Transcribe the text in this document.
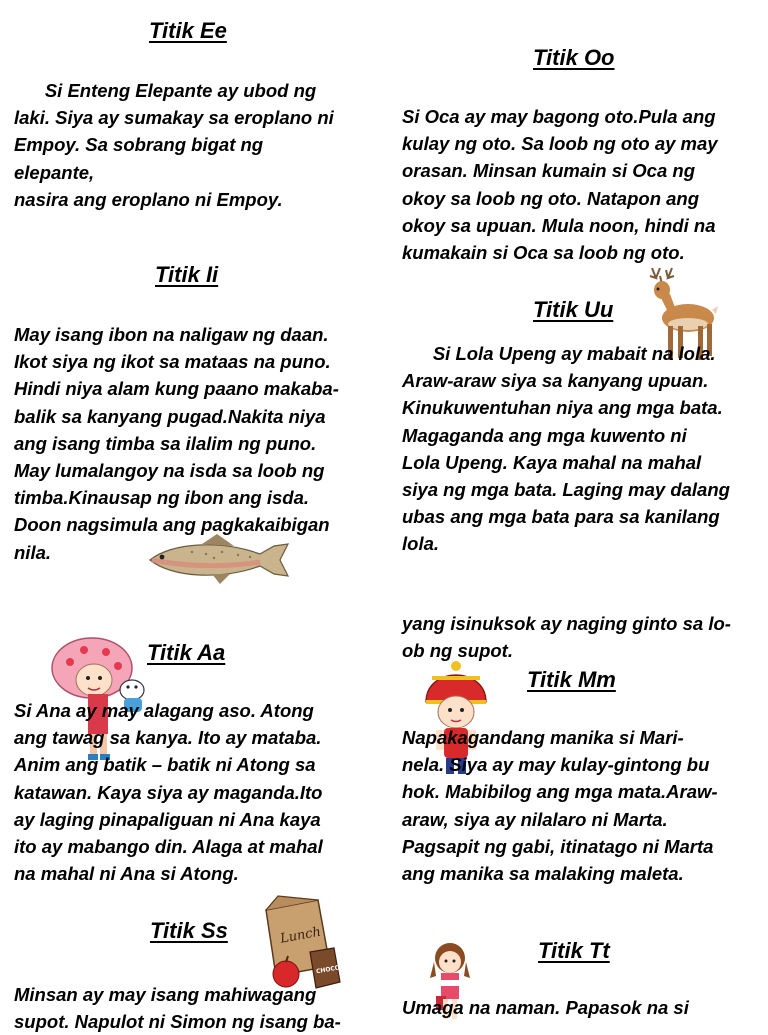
Titik Ee
Si Enteng Elepante ay ubod ng
laki. Siya ay sumakay sa eroplano ni
Empoy. Sa sobrang bigat ng
elepante,
nasira ang eroplano ni Empoy.
Titik Ii
May isang ibon na naligaw ng daan.
Ikot siya ng ikot sa mataas na puno.
Hindi niya alam kung paano makaba-
balik sa kanyang pugad.Nakita niya
ang isang timba sa ilalim ng puno.
May lumalangoy na isda sa loob ng
timba.Kinausap ng ibon ang isda.
Doon nagsimula ang pagkakaibigan
nila.
Titik Aa
Si Ana ay may alagang aso. Atong
ang tawag sa kanya. Ito ay mataba.
Anim ang batik – batik ni Atong sa
katawan. Kaya siya ay maganda.Ito
ay laging pinapaliguan ni Ana kaya
ito ay mabango din. Alaga at mahal
na mahal ni Ana si Atong.
Titik Ss	Lunch
CHOCO MILK
Minsan ay may isang mahiwagang
supot. Napulot ni Simon ng isang ba-
Titik Oo
Si Oca ay may bagong oto.Pula ang
kulay ng oto. Sa loob ng oto ay may
orasan. Minsan kumain si Oca ng
okoy sa loob ng oto. Natapon ang
okoy sa upuan. Mula noon, hindi na
kumakain si Oca sa loob ng oto.
Titik Uu
Si Lola Upeng ay mabait na lola.
Araw-araw siya sa kanyang upuan.
Kinukuwentuhan niya ang mga bata.
Magaganda ang mga kuwento ni
Lola Upeng. Kaya mahal na mahal
siya ng mga bata. Laging may dalang
ubas ang mga bata para sa kanilang
lola.
yang isinuksok ay naging ginto sa lo-
ob ng supot.
Titik Mm
Napakagandang manika si Mari-
nela. Siya ay may kulay-gintong bu
hok. Mabibilog ang mga mata.Araw-
araw, siya ay nilalaro ni Marta.
Pagsapit ng gabi, itinatago ni Marta
ang manika sa malaking maleta.
Titik Tt
Umaga na naman. Papasok na si
